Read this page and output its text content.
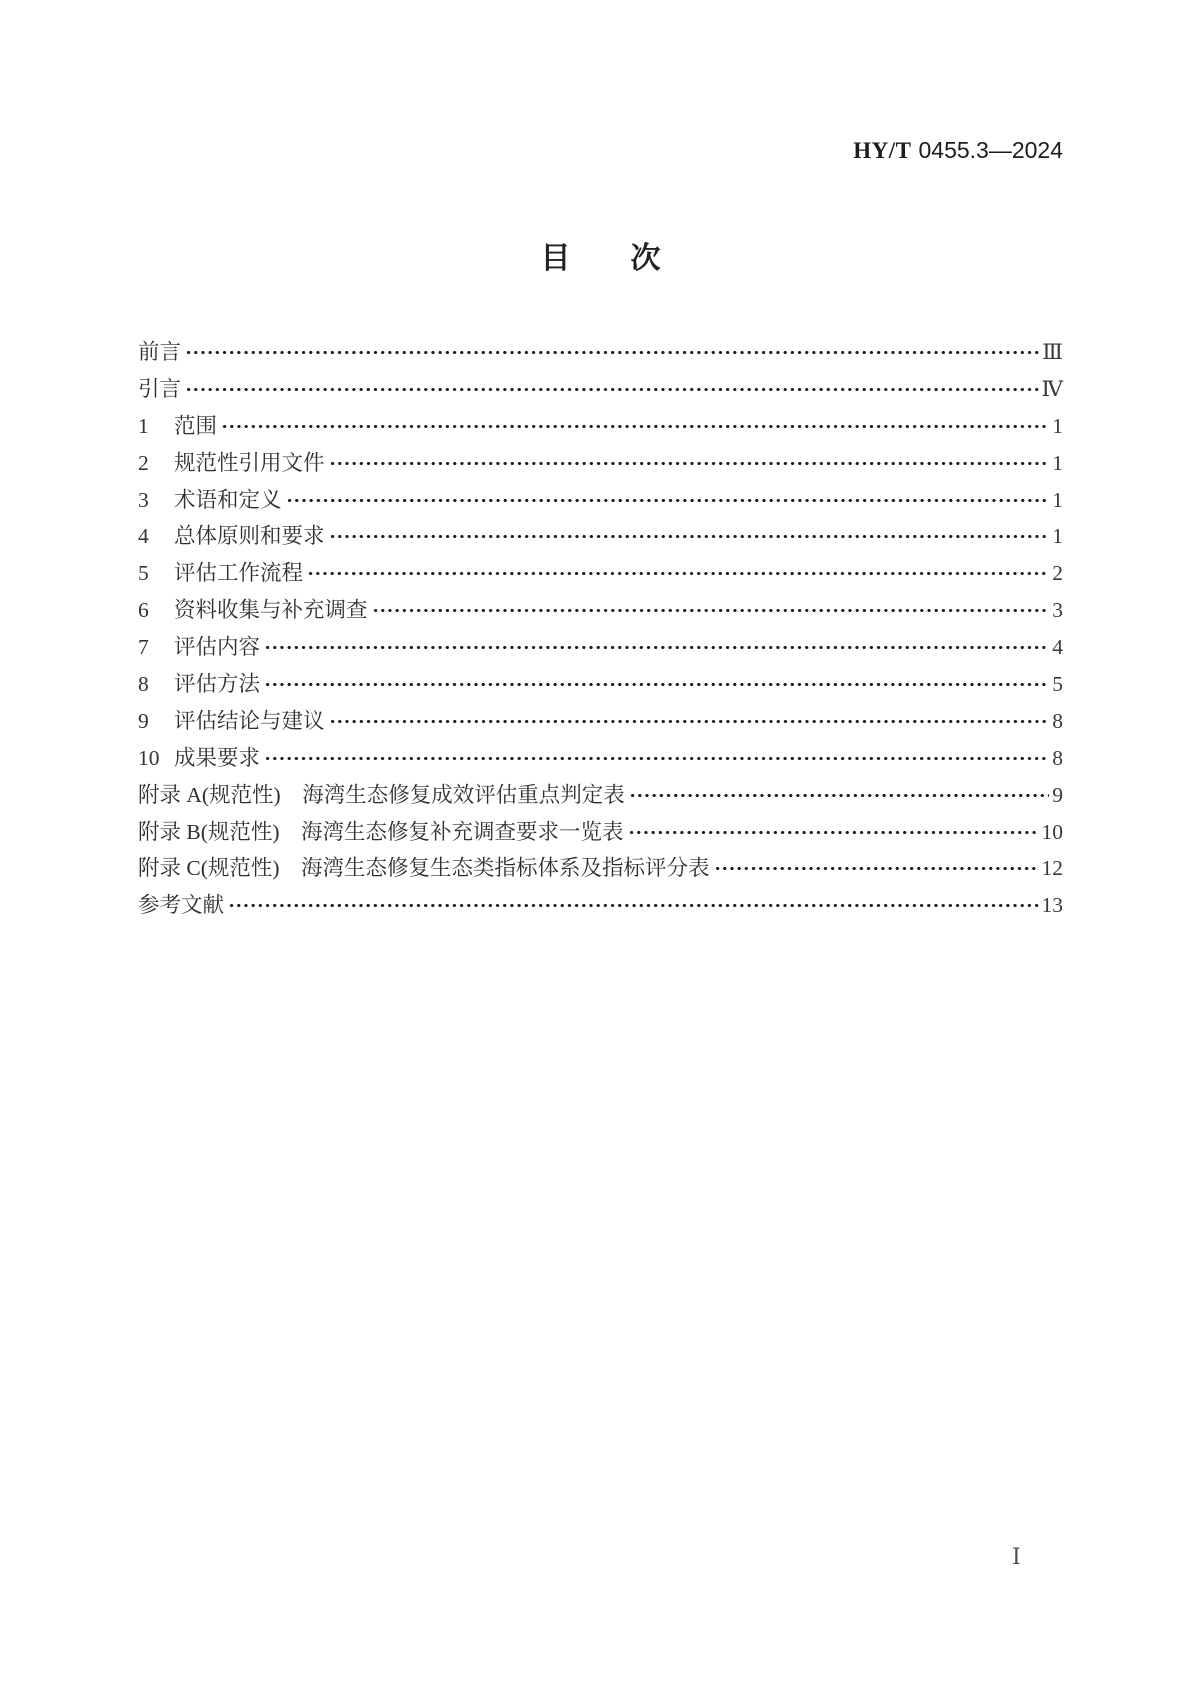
HY/T 0455.3—2024
目　　次
前言	Ⅲ
引言	Ⅳ
1	范围	1
2	规范性引用文件	1
3	术语和定义	1
4	总体原则和要求	1
5	评估工作流程	2
6	资料收集与补充调查	3
7	评估内容	4
8	评估方法	5
9	评估结论与建议	8
10 成果要求	8
附录 A(规范性)　海湾生态修复成效评估重点判定表	9
附录 B(规范性)　海湾生态修复补充调查要求一览表	10
附录 C(规范性)　海湾生态修复生态类指标体系及指标评分表	12
参考文献	13
Ⅰ
